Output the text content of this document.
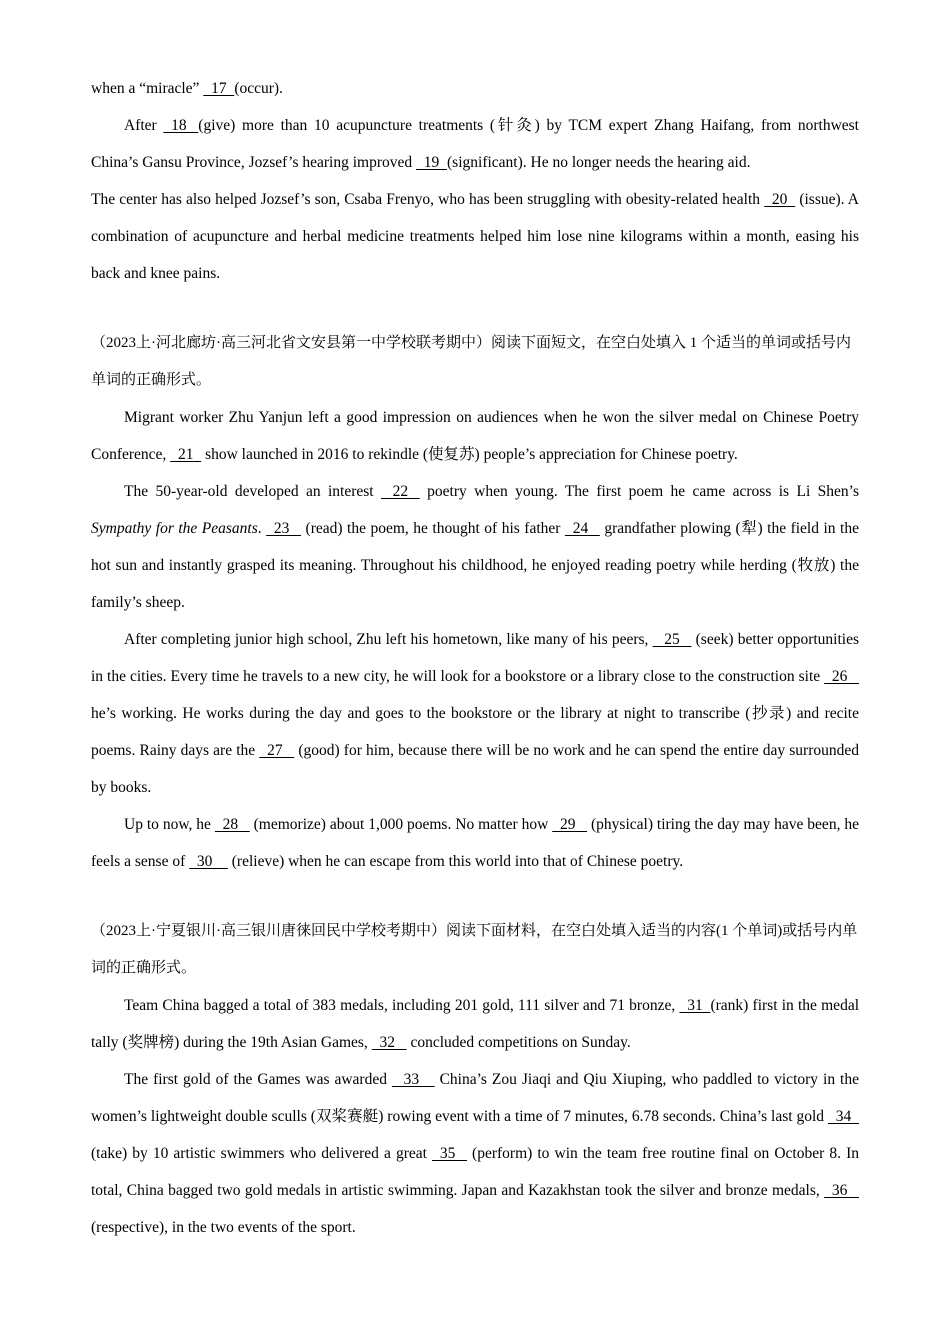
when a “miracle”   17  (occur).

After   18   (give) more than 10 acupuncture treatments (针灸) by TCM expert Zhang Haifang, from northwest China’s Gansu Province, Jozsef’s hearing improved   19  (significant). He no longer needs the hearing aid.

The center has also helped Jozsef’s son, Csaba Frenyo, who has been struggling with obesity-related health   20   (issue). A combination of acupuncture and herbal medicine treatments helped him lose nine kilograms within a month, easing his back and knee pains.

（2023上·河北廊坊·高三河北省文安县第一中学校联考期中）阅读下面短文，在空白处填入 1 个适当的单词或括号内单词的正确形式。

Migrant worker Zhu Yanjun left a good impression on audiences when he won the silver medal on Chinese Poetry Conference,   21   show launched in 2016 to rekindle (使复苏) people’s appreciation for Chinese poetry.

The 50-year-old developed an interest    22    poetry when young. The first poem he came across is Li Shen’s Sympathy for the Peasants.   23    (read) the poem, he thought of his father   24    grandfather plowing (犁) the field in the hot sun and instantly grasped its meaning. Throughout his childhood, he enjoyed reading poetry while herding (牧放) the family’s sheep.

After completing junior high school, Zhu left his hometown, like many of his peers,    25    (seek) better opportunities in the cities. Every time he travels to a new city, he will look for a bookstore or a library close to the construction site   26    he’s working. He works during the day and goes to the bookstore or the library at night to transcribe (抄录) and recite poems. Rainy days are the   27    (good) for him, because there will be no work and he can spend the entire day surrounded by books.

Up to now, he   28    (memorize) about 1,000 poems. No matter how   29    (physical) tiring the day may have been, he feels a sense of   30     (relieve) when he can escape from this world into that of Chinese poetry.

（2023上·宁夏银川·高三银川唐徕回民中学校考期中）阅读下面材料，在空白处填入适当的内容(1 个单词)或括号内单词的正确形式。

Team China bagged a total of 383 medals, including 201 gold, 111 silver and 71 bronze,   31  (rank) first in the medal tally (奖牌榜) during the 19th Asian Games,   32    concluded competitions on Sunday.

The first gold of the Games was awarded    33     China’s Zou Jiaqi and Qiu Xiuping, who paddled to victory in the women’s lightweight double sculls (双桨赛艇) rowing event with a time of 7 minutes, 6.78 seconds. China’s last gold   34  (take) by 10 artistic swimmers who delivered a great   35    (perform) to win the team free routine final on October 8. In total, China bagged two gold medals in artistic swimming. Japan and Kazakhstan took the silver and bronze medals,   36    (respective), in the two events of the sport.
